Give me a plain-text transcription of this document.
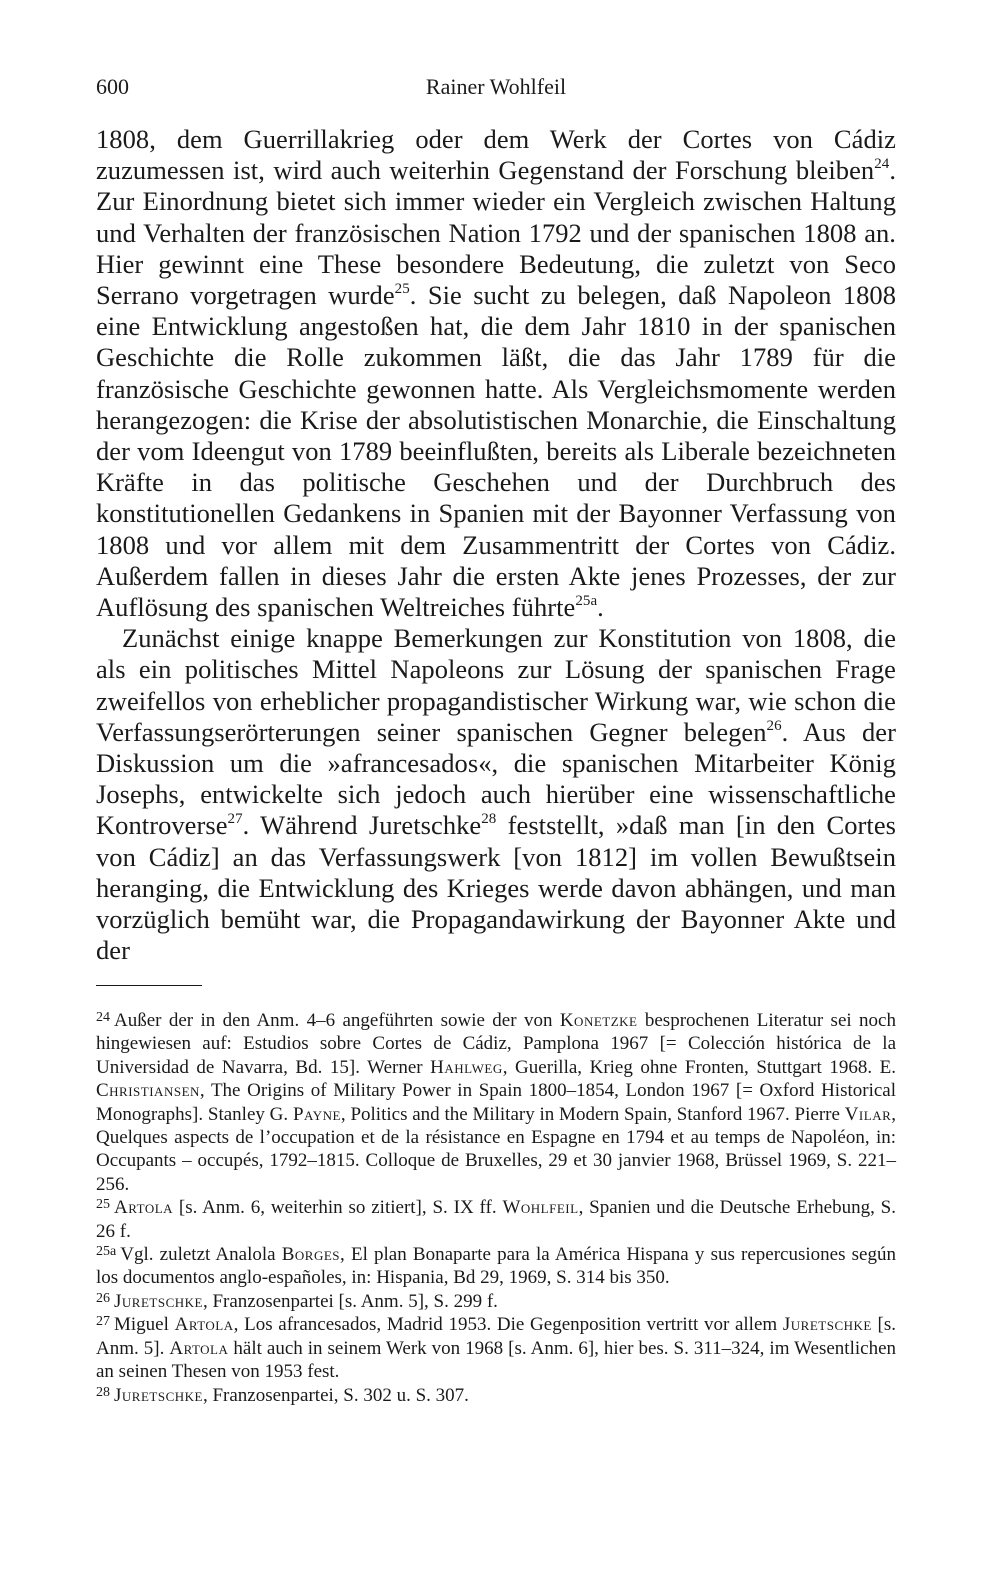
600	Rainer Wohlfeil

1808, dem Guerrillakrieg oder dem Werk der Cortes von Cádiz zuzumessen ist, wird auch weiterhin Gegenstand der Forschung bleiben$^{24}$. Zur Einordnung bietet sich immer wieder ein Vergleich zwischen Haltung und Verhalten der französischen Nation 1792 und der spanischen 1808 an. Hier gewinnt eine These besondere Bedeutung, die zuletzt von Seco Serrano vorgetragen wurde$^{25}$. Sie sucht zu belegen, daß Napoleon 1808 eine Entwicklung angestoßen hat, die dem Jahr 1810 in der spanischen Geschichte die Rolle zukommen läßt, die das Jahr 1789 für die französische Geschichte gewonnen hatte. Als Vergleichsmomente werden herangezogen: die Krise der absolutistischen Monarchie, die Einschaltung der vom Ideengut von 1789 beeinflußten, bereits als Liberale bezeichneten Kräfte in das politische Geschehen und der Durchbruch des konstitutionellen Gedankens in Spanien mit der Bayonner Verfassung von 1808 und vor allem mit dem Zusammentritt der Cortes von Cádiz. Außerdem fallen in dieses Jahr die ersten Akte jenes Prozesses, der zur Auflösung des spanischen Weltreiches führte$^{25a}$.

Zunächst einige knappe Bemerkungen zur Konstitution von 1808, die als ein politisches Mittel Napoleons zur Lösung der spanischen Frage zweifellos von erheblicher propagandistischer Wirkung war, wie schon die Verfassungserörterungen seiner spanischen Gegner belegen$^{26}$. Aus der Diskussion um die »afrancesados«, die spanischen Mitarbeiter König Josephs, entwickelte sich jedoch auch hierüber eine wissenschaftliche Kontroverse$^{27}$. Während Juretschke$^{28}$ feststellt, »daß man [in den Cortes von Cádiz] an das Verfassungswerk [von 1812] im vollen Bewußtsein heranging, die Entwicklung des Krieges werde davon abhängen, und man vorzüglich bemüht war, die Propagandawirkung der Bayonner Akte und der

$^{24}$ Außer der in den Anm. 4–6 angeführten sowie der von Konetzke besprochenen Literatur sei noch hingewiesen auf: Estudios sobre Cortes de Cádiz, Pamplona 1967 [= Colección histórica de la Universidad de Navarra, Bd. 15]. Werner Hahlweg, Guerilla, Krieg ohne Fronten, Stuttgart 1968. E. Christiansen, The Origins of Military Power in Spain 1800–1854, London 1967 [= Oxford Historical Monographs]. Stanley G. Payne, Politics and the Military in Modern Spain, Stanford 1967. Pierre Vilar, Quelques aspects de l’occupation et de la résistance en Espagne en 1794 et au temps de Napoléon, in: Occupants – occupés, 1792–1815. Colloque de Bruxelles, 29 et 30 janvier 1968, Brüssel 1969, S. 221–256.

$^{25}$ Artola [s. Anm. 6, weiterhin so zitiert], S. IX ff. Wohlfeil, Spanien und die Deutsche Erhebung, S. 26 f.

$^{25a}$ Vgl. zuletzt Analola Borges, El plan Bonaparte para la América Hispana y sus repercusiones según los documentos anglo-españoles, in: Hispania, Bd 29, 1969, S. 314 bis 350.

$^{26}$ Juretschke, Franzosenpartei [s. Anm. 5], S. 299 f.

$^{27}$ Miguel Artola, Los afrancesados, Madrid 1953. Die Gegenposition vertritt vor allem Juretschke [s. Anm. 5]. Artola hält auch in seinem Werk von 1968 [s. Anm. 6], hier bes. S. 311–324, im Wesentlichen an seinen Thesen von 1953 fest.

$^{28}$ Juretschke, Franzosenpartei, S. 302 u. S. 307.
